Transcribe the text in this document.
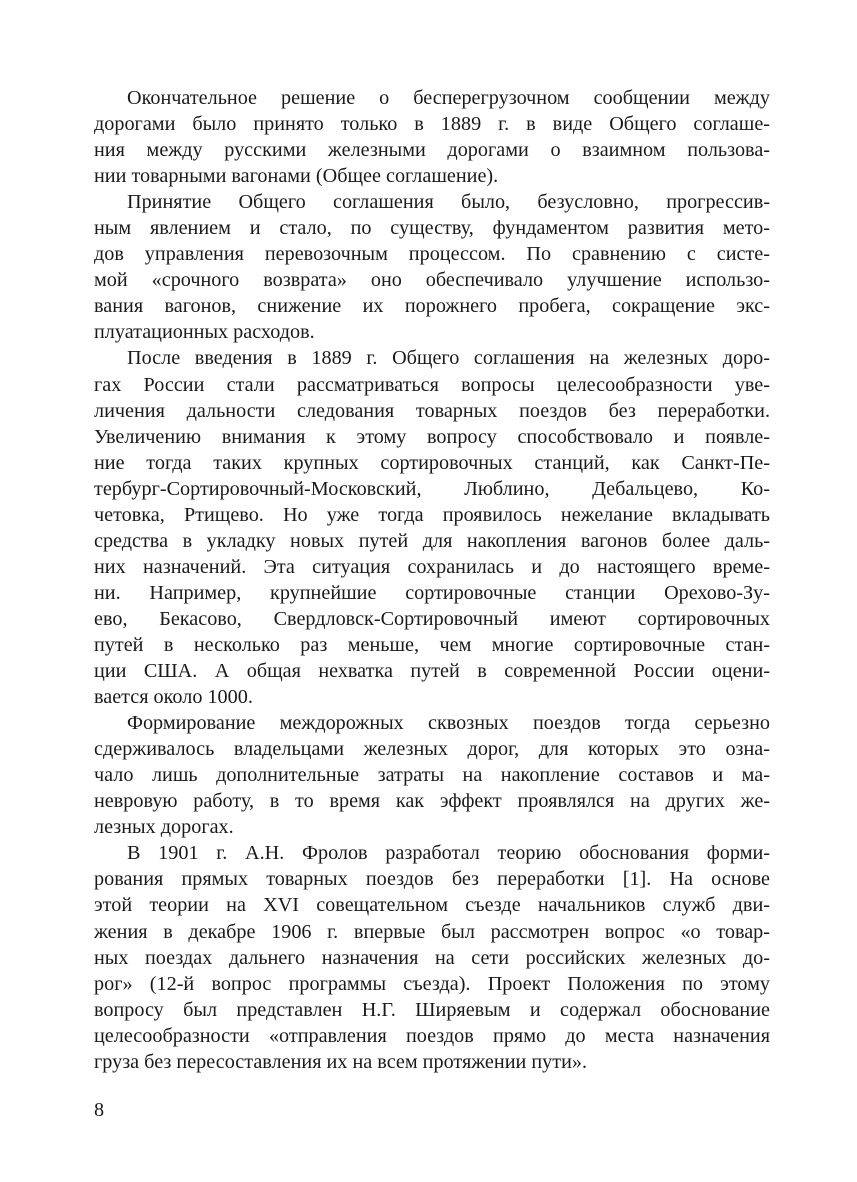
Окончательное решение о бесперегрузочном сообщении между
дорогами было принято только в 1889 г. в виде Общего соглаше-
ния между русскими железными дорогами о взаимном пользова-
нии товарными вагонами (Общее соглашение).
Принятие Общего соглашения было, безусловно, прогрессив-
ным явлением и стало, по существу, фундаментом развития мето-
дов управления перевозочным процессом. По сравнению с систе-
мой «срочного возврата» оно обеспечивало улучшение использо-
вания вагонов, снижение их порожнего пробега, сокращение экс-
плуатационных расходов.
После введения в 1889 г. Общего соглашения на железных доро-
гах России стали рассматриваться вопросы целесообразности уве-
личения дальности следования товарных поездов без переработки.
Увеличению внимания к этому вопросу способствовало и появле-
ние тогда таких крупных сортировочных станций, как Санкт-Пе-
тербург-Сортировочный-Московский, Люблино, Дебальцево, Ко-
четовка, Ртищево. Но уже тогда проявилось нежелание вкладывать
средства в укладку новых путей для накопления вагонов более даль-
них назначений. Эта ситуация сохранилась и до настоящего време-
ни. Например, крупнейшие сортировочные станции Орехово-Зу-
ево, Бекасово, Свердловск-Сортировочный имеют сортировочных
путей в несколько раз меньше, чем многие сортировочные стан-
ции США. А общая нехватка путей в современной России оцени-
вается около 1000.
Формирование междорожных сквозных поездов тогда серьезно
сдерживалось владельцами железных дорог, для которых это озна-
чало лишь дополнительные затраты на накопление составов и ма-
невровую работу, в то время как эффект проявлялся на других же-
лезных дорогах.
В 1901 г. А.Н. Фролов разработал теорию обоснования форми-
рования прямых товарных поездов без переработки [1]. На основе
этой теории на XVI совещательном съезде начальников служб дви-
жения в декабре 1906 г. впервые был рассмотрен вопрос «о товар-
ных поездах дальнего назначения на сети российских железных до-
рог» (12-й вопрос программы съезда). Проект Положения по этому
вопросу был представлен Н.Г. Ширяевым и содержал обоснование
целесообразности «отправления поездов прямо до места назначения
груза без пересоставления их на всем протяжении пути».
8
